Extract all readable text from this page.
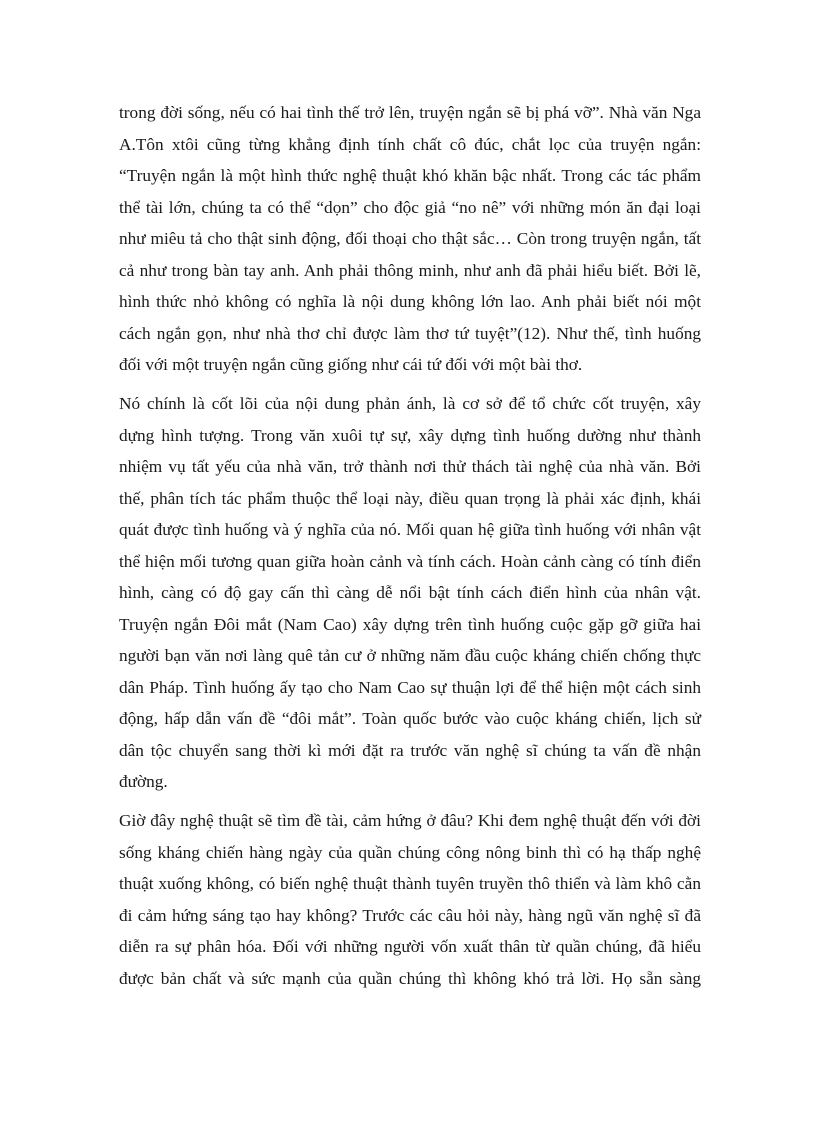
trong đời sống, nếu có hai tình thế trở lên, truyện ngắn sẽ bị phá vỡ”. Nhà văn Nga
A.Tôn xtôi cũng từng khẳng định tính chất cô đúc, chắt lọc của truyện ngắn:
“Truyện ngắn là một hình thức nghệ thuật khó khăn bậc nhất. Trong các tác phẩm
thể tài lớn, chúng ta có thể “dọn” cho độc giả “no nê” với những món ăn đại loại
như miêu tả cho thật sinh động, đối thoại cho thật sắc… Còn trong truyện ngắn, tất
cả như trong bàn tay anh. Anh phải thông minh, như anh đã phải hiểu biết. Bởi lẽ,
hình thức nhỏ không có nghĩa là nội dung không lớn lao. Anh phải biết nói một
cách ngắn gọn, như nhà thơ chỉ được làm thơ tứ tuyệt”(12). Như thế, tình huống
đối với một truyện ngắn cũng giống như cái tứ đối với một bài thơ.
Nó chính là cốt lõi của nội dung phản ánh, là cơ sở để tổ chức cốt truyện, xây
dựng hình tượng. Trong văn xuôi tự sự, xây dựng tình huống dường như thành
nhiệm vụ tất yếu của nhà văn, trở thành nơi thử thách tài nghệ của nhà văn. Bởi
thế, phân tích tác phẩm thuộc thể loại này, điều quan trọng là phải xác định, khái
quát được tình huống và ý nghĩa của nó. Mối quan hệ giữa tình huống với nhân vật
thể hiện mối tương quan giữa hoàn cảnh và tính cách. Hoàn cảnh càng có tính điển
hình, càng có độ gay cấn thì càng dễ nổi bật tính cách điển hình của nhân vật.
Truyện ngắn Đôi mắt (Nam Cao) xây dựng trên tình huống cuộc gặp gỡ giữa hai
người bạn văn nơi làng quê tản cư ở những năm đầu cuộc kháng chiến chống thực
dân Pháp. Tình huống ấy tạo cho Nam Cao sự thuận lợi để thể hiện một cách sinh
động, hấp dẫn vấn đề “đôi mắt”. Toàn quốc bước vào cuộc kháng chiến, lịch sử
dân tộc chuyển sang thời kì mới đặt ra trước văn nghệ sĩ chúng ta vấn đề nhận
đường.
Giờ đây nghệ thuật sẽ tìm đề tài, cảm hứng ở đâu? Khi đem nghệ thuật đến với đời
sống kháng chiến hàng ngày của quần chúng công nông binh thì có hạ thấp nghệ
thuật xuống không, có biến nghệ thuật thành tuyên truyền thô thiển và làm khô cằn
đi cảm hứng sáng tạo hay không? Trước các câu hỏi này, hàng ngũ văn nghệ sĩ đã
diễn ra sự phân hóa. Đối với những người vốn xuất thân từ quần chúng, đã hiểu
được bản chất và sức mạnh của quần chúng thì không khó trả lời. Họ sẵn sàng
